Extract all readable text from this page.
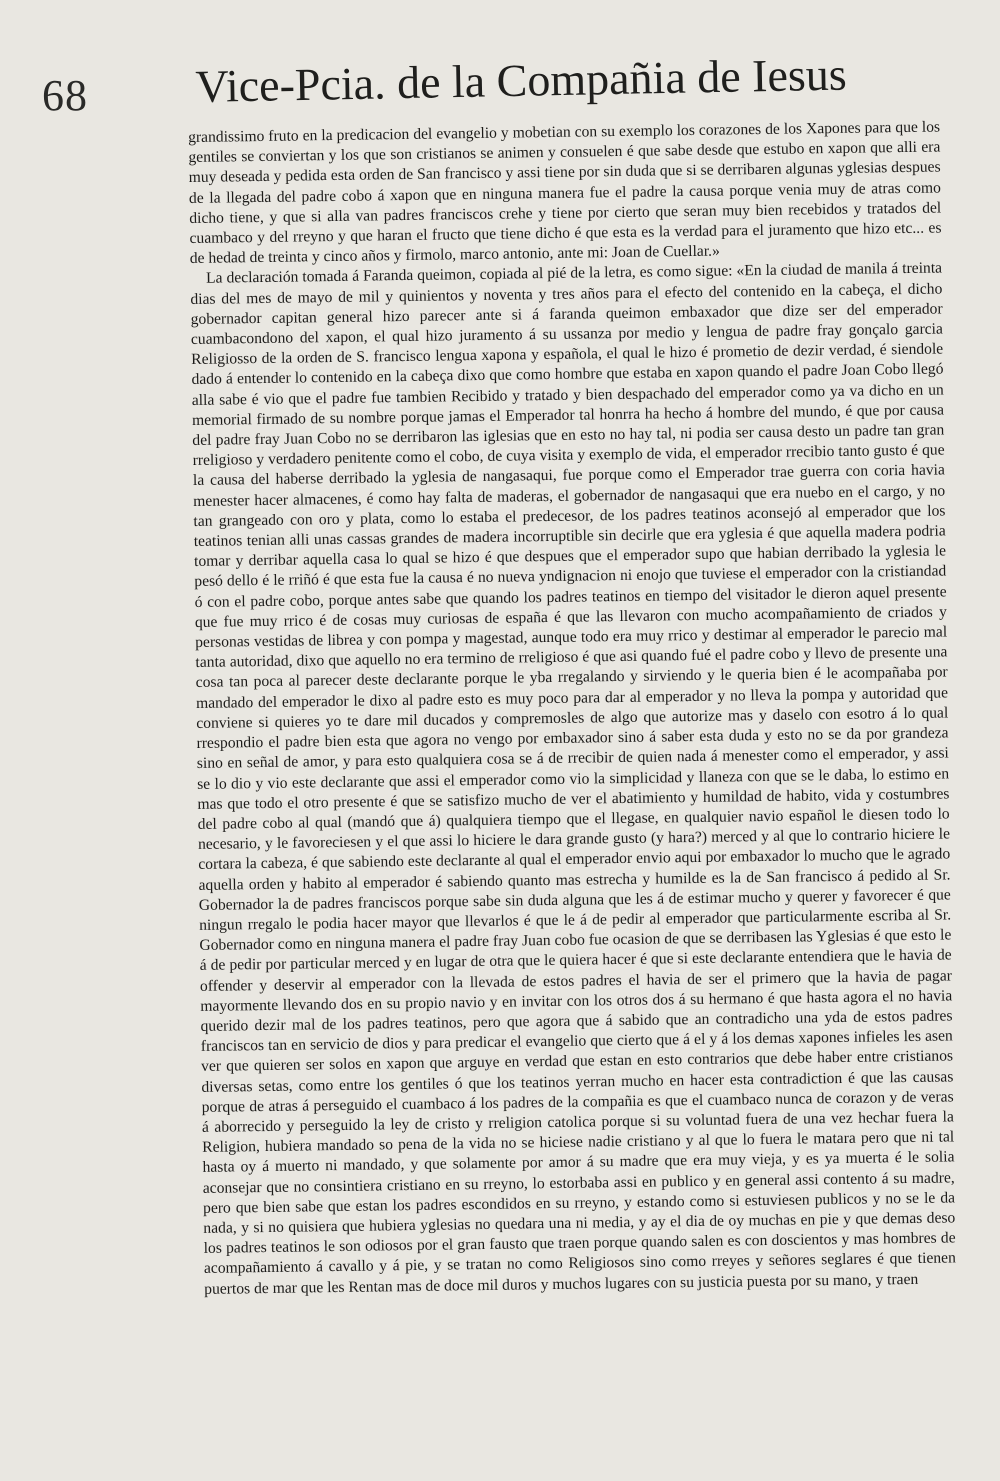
68 Vice-Pcia. de la Compañia de Iesus

grandissimo fruto en la predicacion del evangelio y mobetian con su exemplo los corazones de los Xapones para que los gentiles se conviertan y los que son cristianos se animen y consuelen é que sabe desde que estubo en xapon que alli era muy deseada y pedida esta orden de San francisco y assi tiene por sin duda que si se derribaren algunas yglesias despues de la llegada del padre cobo á xapon que en ninguna manera fue el padre la causa porque venia muy de atras como dicho tiene, y que si alla van padres franciscos crehe y tiene por cierto que seran muy bien recebidos y tratados del cuambaco y del rreyno y que haran el fructo que tiene dicho é que esta es la verdad para el juramento que hizo etc... es de hedad de treinta y cinco años y firmolo, marco antonio, ante mi: Joan de Cuellar.»

La declaración tomada á Faranda queimon, copiada al pié de la letra, es como sigue: «En la ciudad de manila á treinta dias del mes de mayo de mil y quinientos y noventa y tres años para el efecto del contenido en la cabeça, el dicho gobernador capitan general hizo parecer ante si á faranda queimon embaxador que dize ser del emperador cuambacondono del xapon, el qual hizo juramento á su ussanza por medio y lengua de padre fray gonçalo garcia Religiosso de la orden de S. francisco lengua xapona y española, el qual le hizo é prometio de dezir verdad, é siendole dado á entender lo contenido en la cabeça dixo que como hombre que estaba en xapon quando el padre Joan Cobo llegó alla sabe é vio que el padre fue tambien Recibido y tratado y bien despachado del emperador como ya va dicho en un memorial firmado de su nombre porque jamas el Emperador tal honrra ha hecho á hombre del mundo, é que por causa del padre fray Juan Cobo no se derribaron las iglesias que en esto no hay tal, ni podia ser causa desto un padre tan gran rreligioso y verdadero penitente como el cobo, de cuya visita y exemplo de vida, el emperador rrecibio tanto gusto é que la causa del haberse derribado la yglesia de nangasaqui, fue porque como el Emperador trae guerra con coria havia menester hacer almacenes, é como hay falta de maderas, el gobernador de nangasaqui que era nuebo en el cargo, y no tan grangeado con oro y plata, como lo estaba el predecesor, de los padres teatinos aconsejó al emperador que los teatinos tenian alli unas cassas grandes de madera incorruptible sin decirle que era yglesia é que aquella madera podria tomar y derribar aquella casa lo qual se hizo é que despues que el emperador supo que habian derribado la yglesia le pesó dello é le rriñó é que esta fue la causa é no nueva yndignacion ni enojo que tuviese el emperador con la cristiandad ó con el padre cobo, porque antes sabe que quando los padres teatinos en tiempo del visitador le dieron aquel presente que fue muy rrico é de cosas muy curiosas de españa é que las llevaron con mucho acompañamiento de criados y personas vestidas de librea y con pompa y magestad, aunque todo era muy rrico y destimar al emperador le parecio mal tanta autoridad, dixo que aquello no era termino de rreligioso é que asi quando fué el padre cobo y llevo de presente una cosa tan poca al parecer deste declarante porque le yba rregalando y sirviendo y le queria bien é le acompañaba por mandado del emperador le dixo al padre esto es muy poco para dar al emperador y no lleva la pompa y autoridad que conviene si quieres yo te dare mil ducados y compremosles de algo que autorize mas y daselo con esotro á lo qual rrespondio el padre bien esta que agora no vengo por embaxador sino á saber esta duda y esto no se da por grandeza sino en señal de amor, y para esto qualquiera cosa se á de rrecibir de quien nada á menester como el emperador, y assi se lo dio y vio este declarante que assi el emperador como vio la simplicidad y llaneza con que se le daba, lo estimo en mas que todo el otro presente é que se satisfizo mucho de ver el abatimiento y humildad de habito, vida y costumbres del padre cobo al qual (mandó que á) qualquiera tiempo que el llegase, en qualquier navio español le diesen todo lo necesario, y le favoreciesen y el que assi lo hiciere le dara grande gusto (y hara?) merced y al que lo contrario hiciere le cortara la cabeza, é que sabiendo este declarante al qual el emperador envio aqui por embaxador lo mucho que le agrado aquella orden y habito al emperador é sabiendo quanto mas estrecha y humilde es la de San francisco á pedido al Sr. Gobernador la de padres franciscos porque sabe sin duda alguna que les á de estimar mucho y querer y favorecer é que ningun rregalo le podia hacer mayor que llevarlos é que le á de pedir al emperador que particularmente escriba al Sr. Gobernador como en ninguna manera el padre fray Juan cobo fue ocasion de que se derribasen las Yglesias é que esto le á de pedir por particular merced y en lugar de otra que le quiera hacer é que si este declarante entendiera que le havia de offender y deservir al emperador con la llevada de estos padres el havia de ser el primero que la havia de pagar mayormente llevando dos en su propio navio y en invitar con los otros dos á su hermano é que hasta agora el no havia querido dezir mal de los padres teatinos, pero que agora que á sabido que an contradicho una yda de estos padres franciscos tan en servicio de dios y para predicar el evangelio que cierto que á el y á los demas xapones infieles les asen ver que quieren ser solos en xapon que arguye en verdad que estan en esto contrarios que debe haber entre cristianos diversas setas, como entre los gentiles ó que los teatinos yerran mucho en hacer esta contradiction é que las causas porque de atras á perseguido el cuambaco á los padres de la compañia es que el cuambaco nunca de corazon y de veras á aborrecido y perseguido la ley de cristo y rreligion catolica porque si su voluntad fuera de una vez hechar fuera la Religion, hubiera mandado so pena de la vida no se hiciese nadie cristiano y al que lo fuera le matara pero que ni tal hasta oy á muerto ni mandado, y que solamente por amor á su madre que era muy vieja, y es ya muerta é le solia aconsejar que no consintiera cristiano en su rreyno, lo estorbaba assi en publico y en general assi contento á su madre, pero que bien sabe que estan los padres escondidos en su rreyno, y estando como si estuviesen publicos y no se le da nada, y si no quisiera que hubiera yglesias no quedara una ni media, y ay el dia de oy muchas en pie y que demas deso los padres teatinos le son odiosos por el gran fausto que traen porque quando salen es con doscientos y mas hombres de acompañamiento á cavallo y á pie, y se tratan no como Religiosos sino como rreyes y señores seglares é que tienen puertos de mar que les Rentan mas de doce mil duros y muchos lugares con su justicia puesta por su mano, y traen
